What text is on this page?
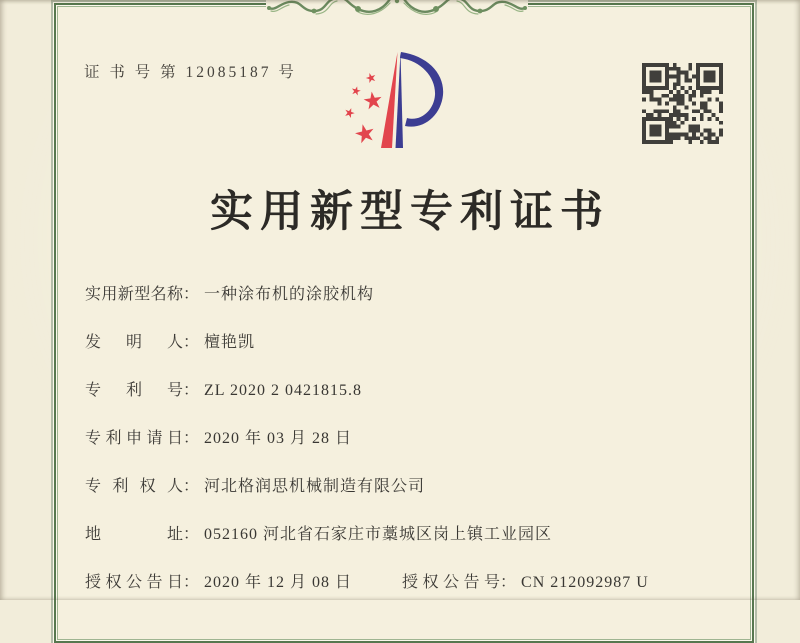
证 书 号 第 12085187 号
实用新型专利证书
实用新型名称： 一种涂布机的涂胶机构
发明人： 檀艳凯
专利号： ZL 2020 2 0421815.8
专利申请日： 2020 年 03 月 28 日
专利权人： 河北格润思机械制造有限公司
地址： 052160 河北省石家庄市藁城区岗上镇工业园区
授权公告日： 2020 年 12 月 08 日	授权公告号： CN 212092987 U
